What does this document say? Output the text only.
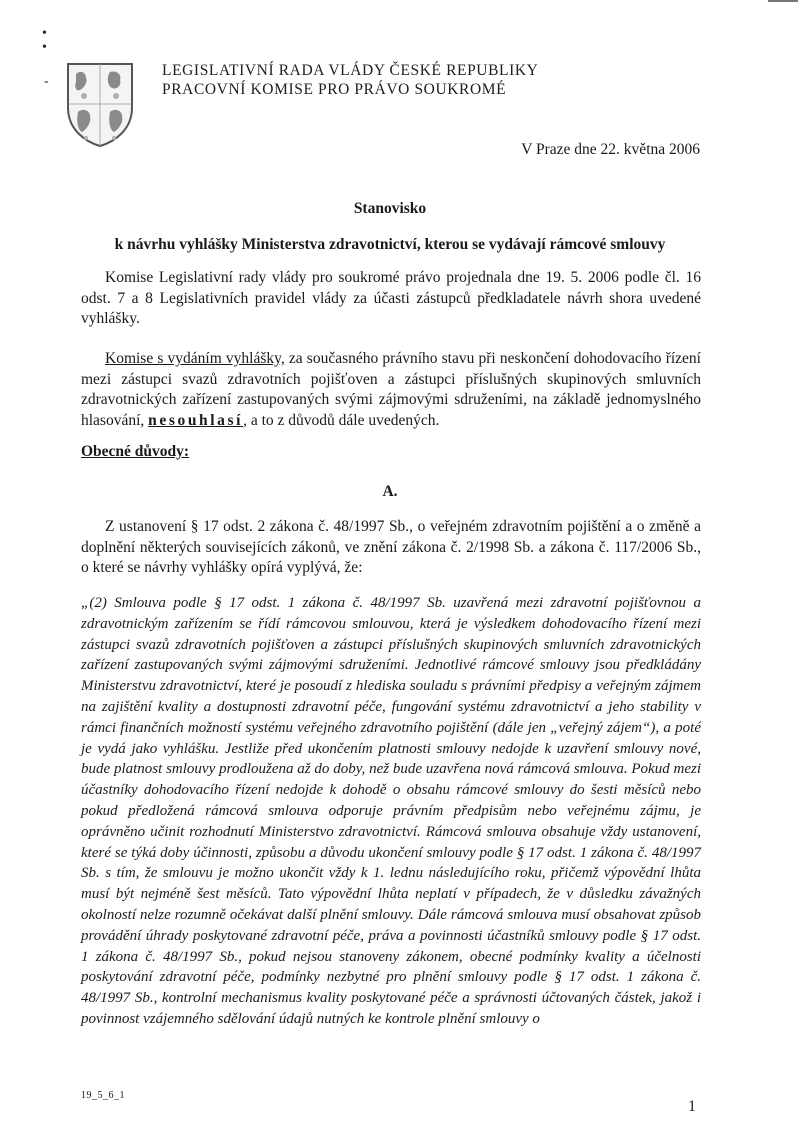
•
•
-
LEGISLATIVNÍ RADA VLÁDY ČESKÉ REPUBLIKY
PRACOVNÍ KOMISE PRO PRÁVO SOUKROMÉ
V Praze dne 22. května 2006
Stanovisko
k návrhu vyhlášky Ministerstva zdravotnictví, kterou se vydávají rámcové smlouvy
Komise Legislativní rady vlády pro soukromé právo projednala dne 19. 5. 2006 podle čl. 16 odst. 7 a 8 Legislativních pravidel vlády za účasti zástupců předkladatele návrh shora uvedené vyhlášky.
Komise s vydáním vyhlášky, za současného právního stavu při neskončení dohodovacího řízení mezi zástupci svazů zdravotních pojišťoven a zástupci příslušných skupinových smluvních zdravotnických zařízení zastupovaných svými zájmovými sdruženími, na základě jednomyslného hlasování, nesouhlasí, a to z důvodů dále uvedených.
Obecné důvody:
A.
Z ustanovení § 17 odst. 2 zákona č. 48/1997 Sb., o veřejném zdravotním pojištění a o změně a doplnění některých souvisejících zákonů, ve znění zákona č. 2/1998 Sb. a zákona č. 117/2006 Sb., o které se návrhy vyhlášky opírá vyplývá, že:
„(2) Smlouva podle § 17 odst. 1 zákona č. 48/1997 Sb. uzavřená mezi zdravotní pojišťovnou a zdravotnickým zařízením se řídí rámcovou smlouvou, která je výsledkem dohodovacího řízení mezi zástupci svazů zdravotních pojišťoven a zástupci příslušných skupinových smluvních zdravotnických zařízení zastupovaných svými zájmovými sdruženími. Jednotlivé rámcové smlouvy jsou předkládány Ministerstvu zdravotnictví, které je posoudí z hlediska souladu s právními předpisy a veřejným zájmem na zajištění kvality a dostupnosti zdravotní péče, fungování systému zdravotnictví a jeho stability v rámci finančních možností systému veřejného zdravotního pojištění (dále jen „veřejný zájem“), a poté je vydá jako vyhlášku. Jestliže před ukončením platnosti smlouvy nedojde k uzavření smlouvy nové, bude platnost smlouvy prodloužena až do doby, než bude uzavřena nová rámcová smlouva. Pokud mezi účastníky dohodovacího řízení nedojde k dohodě o obsahu rámcové smlouvy do šesti měsíců nebo pokud předložená rámcová smlouva odporuje právním předpisům nebo veřejnému zájmu, je oprávněno učinit rozhodnutí Ministerstvo zdravotnictví. Rámcová smlouva obsahuje vždy ustanovení, které se týká doby účinnosti, způsobu a důvodu ukončení smlouvy podle § 17 odst. 1 zákona č. 48/1997 Sb. s tím, že smlouvu je možno ukončit vždy k 1. lednu následujícího roku, přičemž výpovědní lhůta musí být nejméně šest měsíců. Tato výpovědní lhůta neplatí v případech, že v důsledku závažných okolností nelze rozumně očekávat další plnění smlouvy. Dále rámcová smlouva musí obsahovat způsob provádění úhrady poskytované zdravotní péče, práva a povinnosti účastníků smlouvy podle § 17 odst. 1 zákona č. 48/1997 Sb., pokud nejsou stanoveny zákonem, obecné podmínky kvality a účelnosti poskytování zdravotní péče, podmínky nezbytné pro plnění smlouvy podle § 17 odst. 1 zákona č. 48/1997 Sb., kontrolní mechanismus kvality poskytované péče a správnosti účtovaných částek, jakož i povinnost vzájemného sdělování údajů nutných ke kontrole plnění smlouvy o
19_5_6_1
1
